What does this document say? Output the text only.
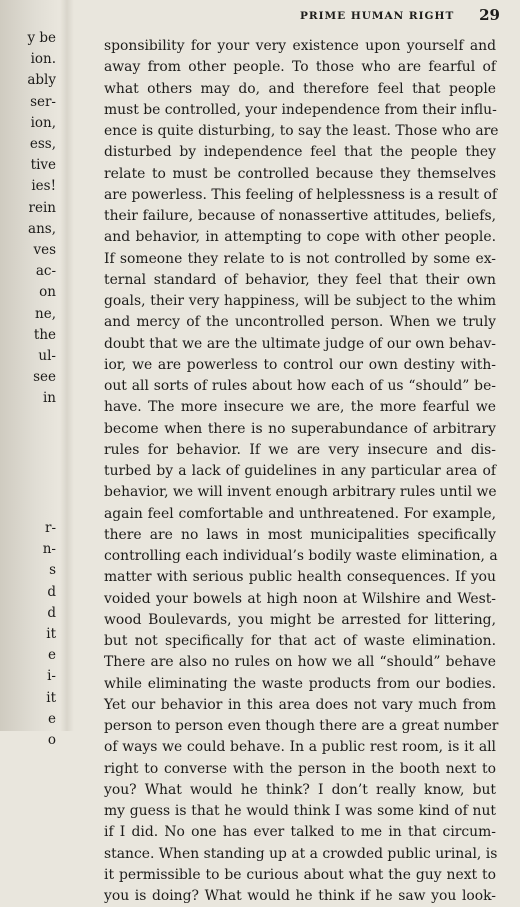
y be
ion.
ably
ser-
ion,
ess,
tive
ies!
rein
ans,
ves
ac-
on
ne,
the
ul-
see
in
r-
n-
s
d
d
it
e
i-
it
e
o
PRIME HUMAN RIGHT 29
sponsibility for your very existence upon yourself and
away from other people. To those who are fearful of
what others may do, and therefore feel that people
must be controlled, your independence from their influ-
ence is quite disturbing, to say the least. Those who are
disturbed by independence feel that the people they
relate to must be controlled because they themselves
are powerless. This feeling of helplessness is a result of
their failure, because of nonassertive attitudes, beliefs,
and behavior, in attempting to cope with other people.
If someone they relate to is not controlled by some ex-
ternal standard of behavior, they feel that their own
goals, their very happiness, will be subject to the whim
and mercy of the uncontrolled person. When we truly
doubt that we are the ultimate judge of our own behav-
ior, we are powerless to control our own destiny with-
out all sorts of rules about how each of us “should” be-
have. The more insecure we are, the more fearful we
become when there is no superabundance of arbitrary
rules for behavior. If we are very insecure and dis-
turbed by a lack of guidelines in any particular area of
behavior, we will invent enough arbitrary rules until we
again feel comfortable and unthreatened. For example,
there are no laws in most municipalities specifically
controlling each individual’s bodily waste elimination, a
matter with serious public health consequences. If you
voided your bowels at high noon at Wilshire and West-
wood Boulevards, you might be arrested for littering,
but not specifically for that act of waste elimination.
There are also no rules on how we all “should” behave
while eliminating the waste products from our bodies.
Yet our behavior in this area does not vary much from
person to person even though there are a great number
of ways we could behave. In a public rest room, is it all
right to converse with the person in the booth next to
you? What would he think? I don’t really know, but
my guess is that he would think I was some kind of nut
if I did. No one has ever talked to me in that circum-
stance. When standing up at a crowded public urinal, is
it permissible to be curious about what the guy next to
you is doing? What would he think if he saw you look-
